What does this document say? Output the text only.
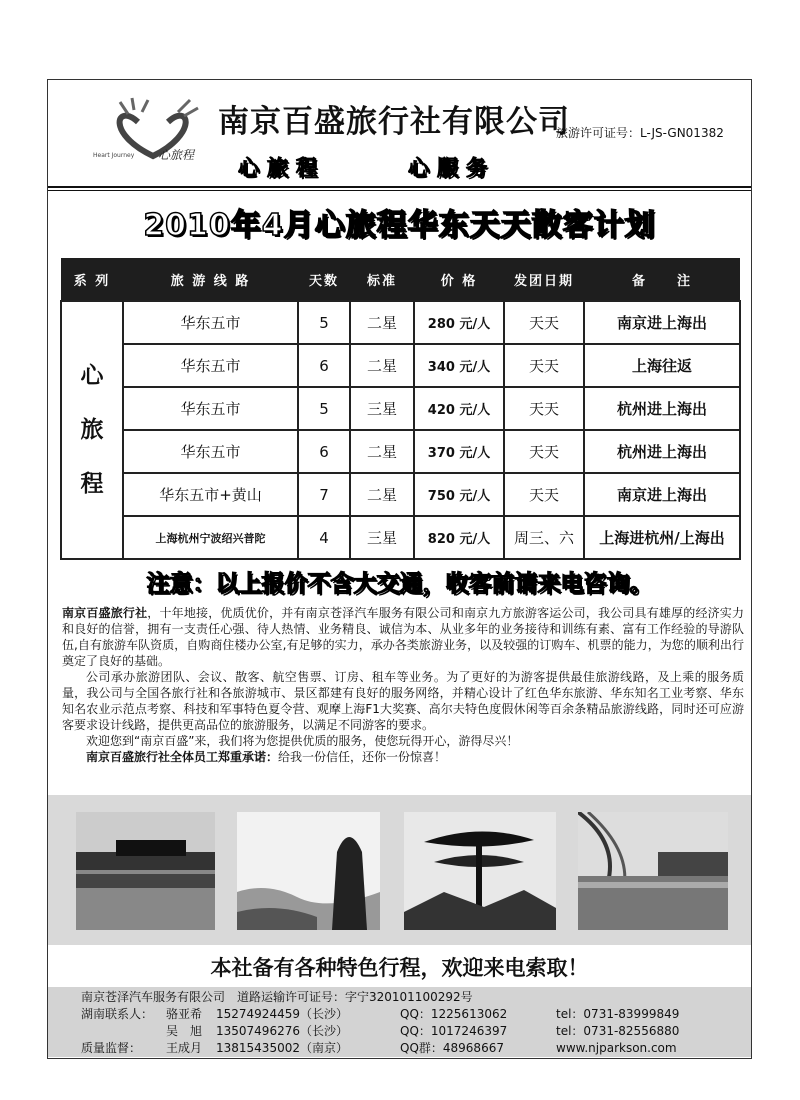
心旅程
Heart Journey
南京百盛旅行社有限公司
旅游许可证号：L-JS-GN01382
心旅程	心服务
2010年4月心旅程华东天天散客计划
系 列	旅 游 线 路	天数	标准	价 格	发团日期	备　　注

心
旅
程	华东五市	5	二星	280 元/人	天天	南京进上海出
	华东五市	6	二星	340 元/人	天天	上海往返
	华东五市	5	三星	420 元/人	天天	杭州进上海出
	华东五市	6	二星	370 元/人	天天	杭州进上海出
	华东五市+黄山	7	二星	750 元/人	天天	南京进上海出
	上海杭州宁波绍兴普陀	4	三星	820 元/人	周三、六	上海进杭州/上海出
注意：以上报价不含大交通，收客前请来电咨询。

南京百盛旅行社，十年地接，优质优价，并有南京苍泽汽车服务有限公司和南京九方旅游客运公司，我公司具有雄厚的经济实力和良好的信誉，拥有一支责任心强、待人热情、业务精良、诚信为本、从业多年的业务接待和训练有素、富有工作经验的导游队伍,自有旅游车队资质，自购商住楼办公室,有足够的实力，承办各类旅游业务，以及较强的订购车、机票的能力，为您的顺利出行奠定了良好的基础。

公司承办旅游团队、会议、散客、航空售票、订房、租车等业务。为了更好的为游客提供最佳旅游线路，及上乘的服务质量，我公司与全国各旅行社和各旅游城市、景区都建有良好的服务网络，并精心设计了红色华东旅游、华东知名工业考察、华东知名农业示范点考察、科技和军事特色夏令营、观摩上海F1大奖赛、高尔夫特色度假休闲等百余条精品旅游线路，同时还可应游客要求设计线路，提供更高品位的旅游服务，以满足不同游客的要求。

欢迎您到“南京百盛”来，我们将为您提供优质的服务，使您玩得开心，游得尽兴！

南京百盛旅行社全体员工郑重承诺：给我一份信任，还你一份惊喜！

本社备有各种特色行程，欢迎来电索取！
南京苍泽汽车服务有限公司　道路运输许可证号：字宁320101100292号
湖南联系人： 骆亚希 15274924459（长沙）	QQ：1225613062	tel：0731-83999849
吴　旭 13507496276（长沙）	QQ：1017246397	tel：0731-82556880
质量监督： 王成月 13815435002（南京）	QQ群：48968667	www.njparkson.com
